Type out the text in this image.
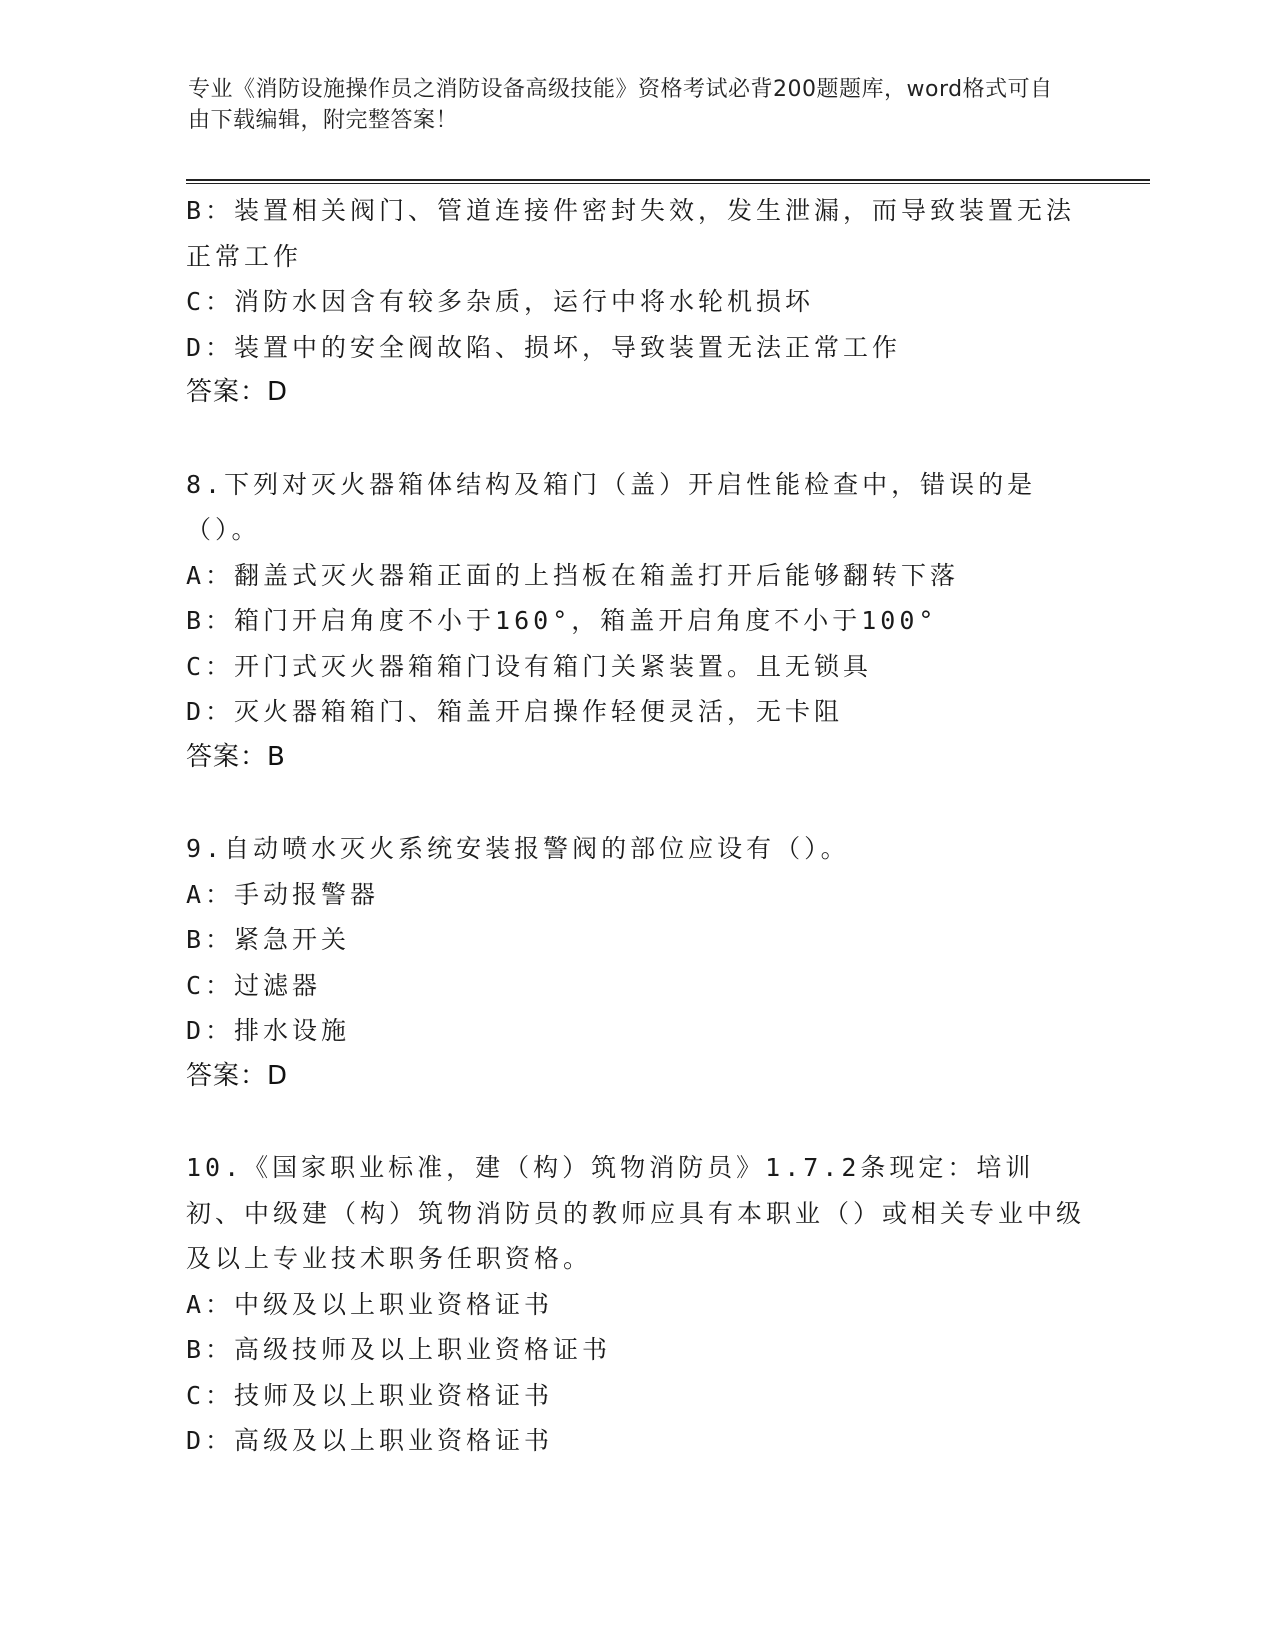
专业《消防设施操作员之消防设备高级技能》资格考试必背200题题库，word格式可自由下载编辑，附完整答案！

B：装置相关阀门、管道连接件密封失效，发生泄漏，而导致装置无法正常工作

C：消防水因含有较多杂质，运行中将水轮机损坏

D：装置中的安全阀故陷、损坏，导致装置无法正常工作

答案：D

8.下列对灭火器箱体结构及箱门（盖）开启性能检查中，错误的是（）。

A：翻盖式灭火器箱正面的上挡板在箱盖打开后能够翻转下落

B：箱门开启角度不小于160°，箱盖开启角度不小于100°

C：开门式灭火器箱箱门设有箱门关紧装置。且无锁具

D：灭火器箱箱门、箱盖开启操作轻便灵活，无卡阻

答案：B

9.自动喷水灭火系统安装报警阀的部位应设有（）。

A：手动报警器

B：紧急开关

C：过滤器

D：排水设施

答案：D

10.《国家职业标准，建（构）筑物消防员》1.7.2条现定：培训初、中级建（构）筑物消防员的教师应具有本职业（）或相关专业中级及以上专业技术职务任职资格。

A：中级及以上职业资格证书

B：高级技师及以上职业资格证书

C：技师及以上职业资格证书

D：高级及以上职业资格证书
